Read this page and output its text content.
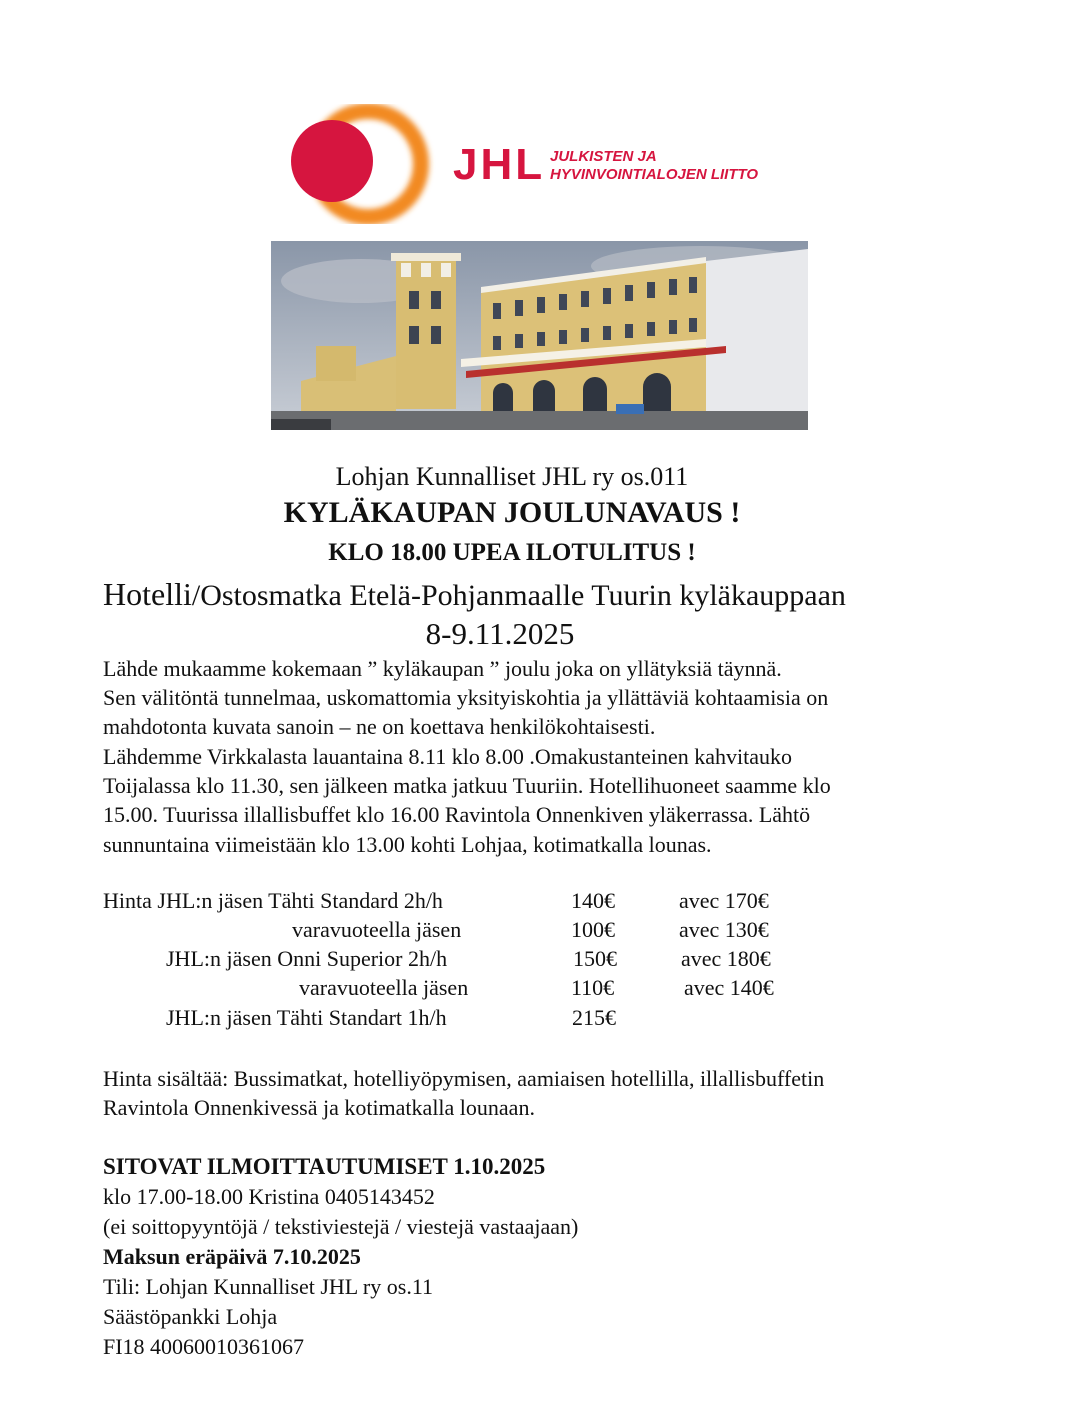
JHL JULKISTEN JA
HYVINVOINTIALOJEN LIITTO
Lohjan Kunnalliset JHL ry os.011
KYLÄKAUPAN JOULUNAVAUS !
KLO 18.00 UPEA ILOTULITUS !
Hotelli/Ostosmatka Etelä-Pohjanmaalle Tuurin kyläkauppaan
8-9.11.2025
Lähde mukaamme kokemaan ” kyläkaupan ” joulu joka on yllätyksiä täynnä.
Sen välitöntä tunnelmaa, uskomattomia yksityiskohtia ja yllättäviä kohtaamisia on
mahdotonta kuvata sanoin – ne on koettava henkilökohtaisesti.
Lähdemme Virkkalasta lauantaina 8.11 klo 8.00 .Omakustanteinen kahvitauko
Toijalassa klo 11.30, sen jälkeen matka jatkuu Tuuriin. Hotellihuoneet saamme klo
15.00. Tuurissa illallisbuffet klo 16.00 Ravintola Onnenkiven yläkerrassa. Lähtö
sunnuntaina viimeistään klo 13.00 kohti Lohjaa, kotimatkalla lounas.
Hinta JHL:n jäsen Tähti Standard 2h/h	140€	avec 170€
varavuoteella jäsen	100€	avec 130€
JHL:n jäsen Onni Superior 2h/h	150€	avec 180€
varavuoteella jäsen	110€	avec 140€
JHL:n jäsen Tähti Standart 1h/h	215€
Hinta sisältää: Bussimatkat, hotelliyöpymisen, aamiaisen hotellilla, illallisbuffetin
Ravintola Onnenkivessä ja kotimatkalla lounaan.
SITOVAT ILMOITTAUTUMISET 1.10.2025
klo 17.00-18.00 Kristina 0405143452
(ei soittopyyntöjä / tekstiviestejä / viestejä vastaajaan)
Maksun eräpäivä 7.10.2025
Tili: Lohjan Kunnalliset JHL ry os.11
Säästöpankki Lohja
FI18 40060010361067
